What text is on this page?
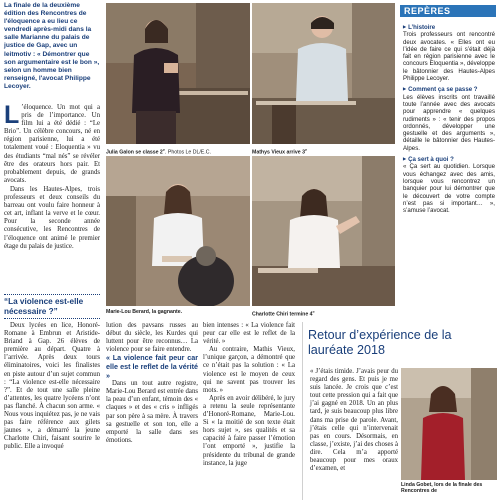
La finale de la deuxième édition des Rencontres de l'éloquence a eu lieu ce vendredi après-midi dans la salle Marianne du palais de justice de Gap, avec un leitmotiv : « Démontrer que son argumentaire est le bon », selon un homme bien renseigné, l'avocat Philippe Lecoyer.

L ’éloquence. Un mot qui a pris de l’importance. Un film lui a été dédié : “Le Brio”. Un célèbre concours, né en région parisienne, lui a été totalement voué : Eloquentia » vu des étudiants “mal nés” se révéler être des orateurs hors pair. Et probablement depuis, de grands avocats.

Dans les Hautes-Alpes, trois professeurs et deux conseils du barreau ont voulu faire honneur à cet art, inflant la verve et le cœur. Pour la seconde année consécutive, les Rencontres de l’éloquence ont animé le premier étage du palais de justice.

“La violence est-elle nécessaire ?”

Deux lycées en lice, Honoré-Romane à Embrun et Aristide-Briand à Gap. 26 élèves de première au départ. Quatre à l’arrivée. Après deux tours éliminatoires, voici les finalistes en piste autour d’un sujet commun : “La violence est-elle nécessaire ?”. Et de tout une salle pleine d’attentes, les quatre lycéens n’ont pas flanché. À chacun son arme. « Nous vous inquiétez pas, je ne vais pas faire référence aux gilets jaunes », a démarré la jeune Charlotte Chiri, faisant sourire le public. Elle a invoqué

Julia Galon se classe 2e. Photos Le DL/E.C.	Mathys Vieux arrive 3e
Marie-Lou Berard, la gagnante.	Charlotte Chiri termine 4e

lution des pavsans russes au début du siècle, les Kurdes qui luttent pour être reconnus… La violence pour se faire entendre.

« La violence fait peur car elle est le reflet de la vérité »

Dans un tout autre registre, Marie-Lou Berard est entrée dans la peau d’un enfant, témoin des « claques » et des « cris » infligés par son père à sa mère. À travers sa gestuelle et son ton, elle a emporté la salle dans ses émotions.

bien intenses : « La violence fait peur car elle est le reflet de la vérité. »

Au contraire, Mathis Vieux, l’unique garçon, a démontré que ce n’était pas la solution : « La violence est le moyen de ceux qui ne savent pas trouver les mots. »

Après en avoir délibéré, le jury a retenu la seule représentante d’Honoré-Romane, Marie-Lou. Si « la moitié de son texte était hors sujet », ses qualités et sa capacité à faire passer l’émotion l’ont emporté », justifie la présidente du tribunal de grande instance, la juge

REPÈRES
▶ L’histoire

Trois professeurs ont rencontré deux avocates. « Elles ont eu l’idée de faire ce qui s’était déjà fait en région parisienne avec le concours Eloquentia », développe le bâtonnier des Hautes-Alpes Philippe Lecoyer.

▶ Comment ça se passe ?

Les élèves inscrits ont travaillé toute l’année avec des avocats pour apprendre « quelques rudiments » : « tenir des propos ordonnés, développer une gestuelle et des arguments », détaille le bâtonnier des Hautes-Alpes.

▶ Ça sert à quoi ?

« Ça sert au quotidien. Lorsque vous échangez avec des amis, lorsque vous rencontrez un banquier pour lui démontrer que le découvert de votre compte n’est pas si important… », s’amuse l’avocat.

Retour d’expérience de la lauréate 2018

« J’étais timide. J’avais peur du regard des gens. Et puis je me suis lancée. Je crois que c’est tout cette pression qui a fait que j’ai gagné en 2018. Un an plus tard, je suis beaucoup plus libre dans ma prise de parole. Avant, j’étais celle qui n’intervenait pas en cours. Désormais, en classe, j’existe, j’ai des choses à dire. Cela m’a apporté beaucoup pour mes oraux d’examen, et

Linda Gobet, lors de la finale des Rencontres de
